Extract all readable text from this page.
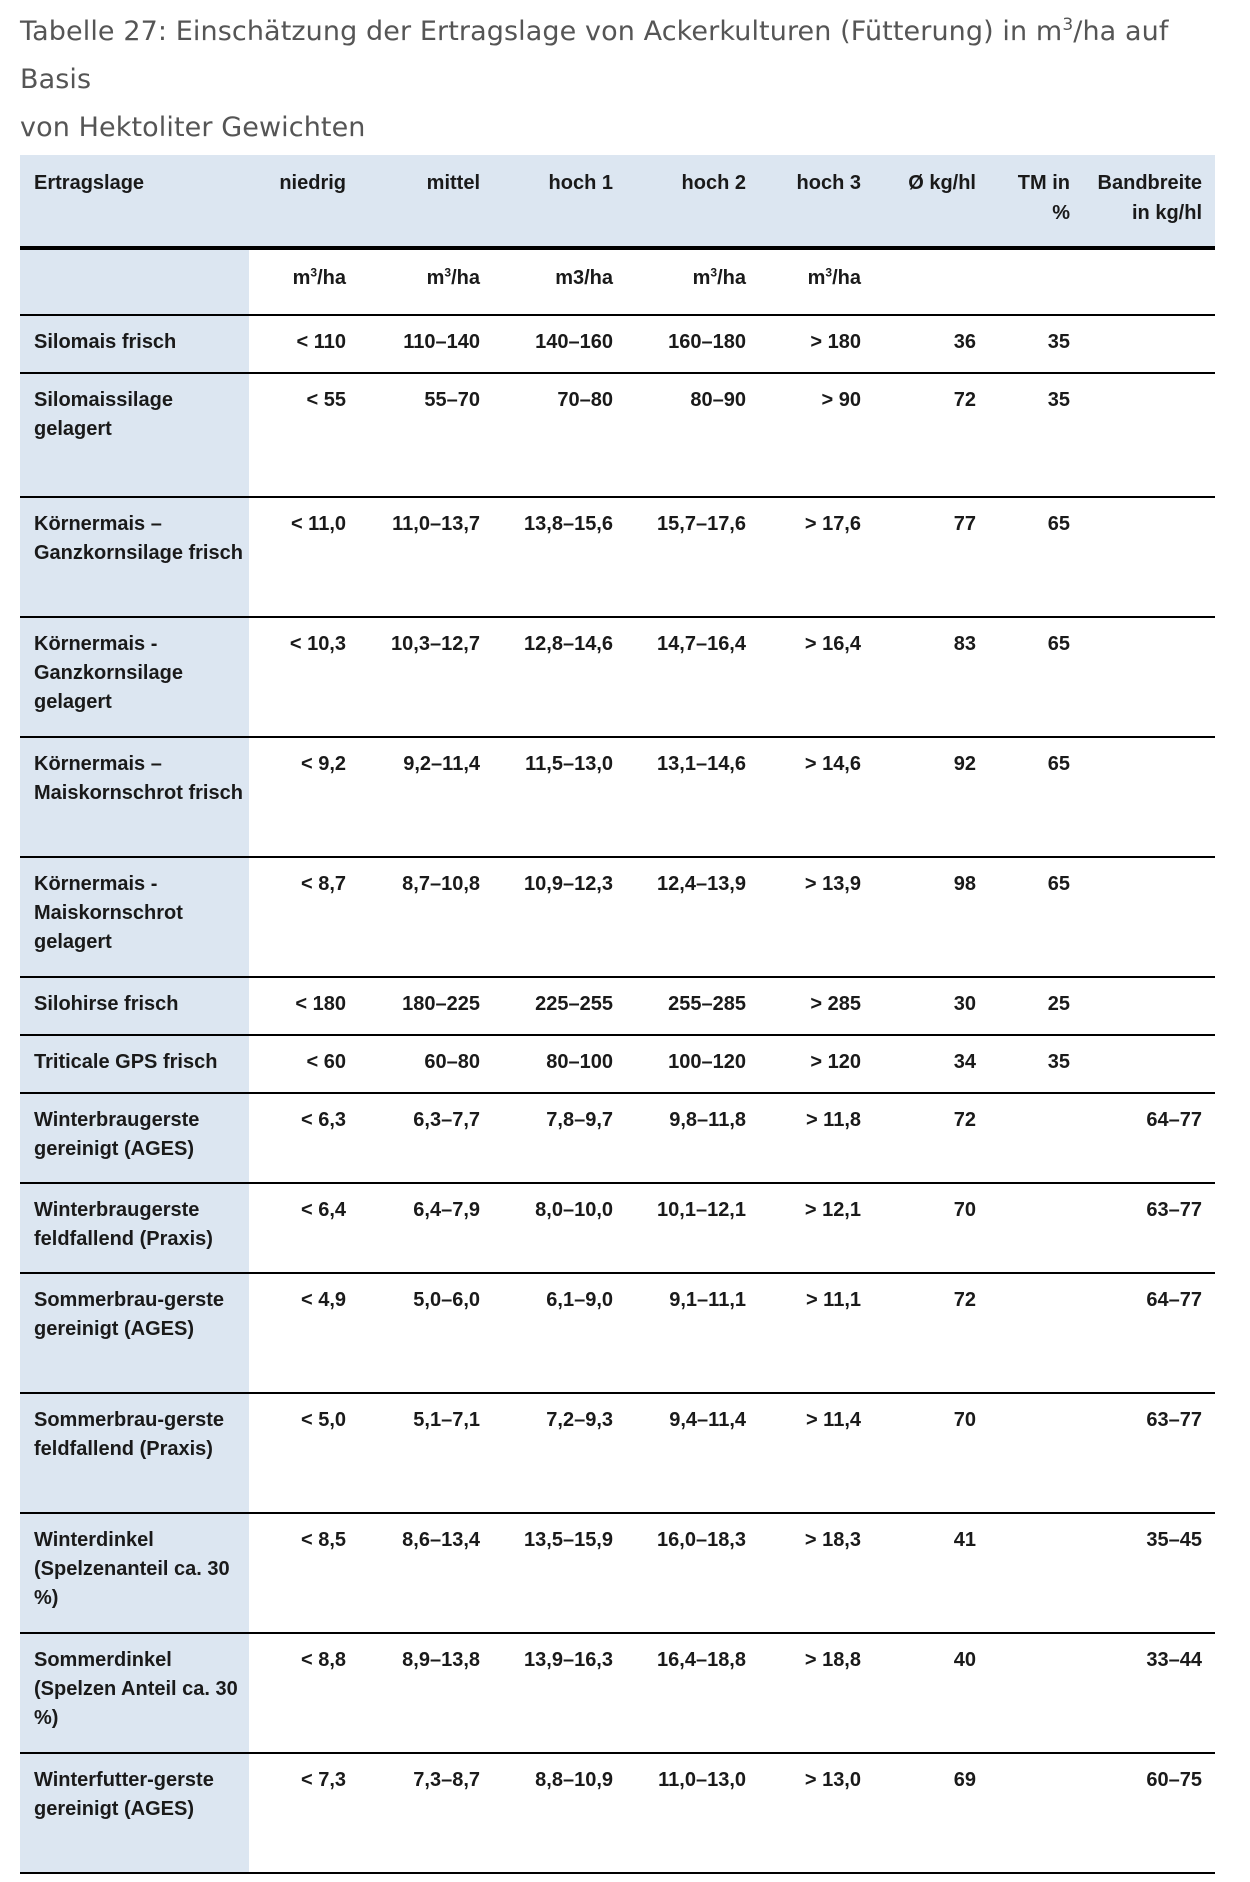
Tabelle 27: Einschätzung der Ertragslage von Ackerkulturen (Fütterung) in $m^3/ha$ auf Basis
von Hektoliter Gewichten
Ertragslage	niedrig	mittel	hoch 1	hoch 2	hoch 3	Ø kg/hl	TM in %	Bandbreite in kg/hl
	$m^3/ha$	$m^3/ha$	m3/ha	$m^3/ha$	$m^3/ha$			
Silomais frisch	< 110	110–140	140–160	160–180	> 180	36	35	
Silomaissilage gelagert	< 55	55–70	70–80	80–90	> 90	72	35	
Körnermais – Ganzkornsilage frisch	< 11,0	11,0–13,7	13,8–15,6	15,7–17,6	> 17,6	77	65	
Körnermais - Ganzkornsilage gelagert	< 10,3	10,3–12,7	12,8–14,6	14,7–16,4	> 16,4	83	65	
Körnermais – Maiskornschrot frisch	< 9,2	9,2–11,4	11,5–13,0	13,1–14,6	> 14,6	92	65	
Körnermais - Maiskornschrot gelagert	< 8,7	8,7–10,8	10,9–12,3	12,4–13,9	> 13,9	98	65	
Silohirse frisch	< 180	180–225	225–255	255–285	> 285	30	25	
Triticale GPS frisch	< 60	60–80	80–100	100–120	> 120	34	35	
Winterbraugerste gereinigt (AGES)	< 6,3	6,3–7,7	7,8–9,7	9,8–11,8	> 11,8	72		64–77
Winterbraugerste feldfallend (Praxis)	< 6,4	6,4–7,9	8,0–10,0	10,1–12,1	> 12,1	70		63–77
Sommerbrau-gerste gereinigt (AGES)	< 4,9	5,0–6,0	6,1–9,0	9,1–11,1	> 11,1	72		64–77
Sommerbrau-gerste feldfallend (Praxis)	< 5,0	5,1–7,1	7,2–9,3	9,4–11,4	> 11,4	70		63–77
Winterdinkel (Spelzenanteil ca. 30 %)	< 8,5	8,6–13,4	13,5–15,9	16,0–18,3	> 18,3	41		35–45
Sommerdinkel (Spelzen Anteil ca. 30 %)	< 8,8	8,9–13,8	13,9–16,3	16,4–18,8	> 18,8	40		33–44
Winterfutter-gerste gereinigt (AGES)	< 7,3	7,3–8,7	8,8–10,9	11,0–13,0	> 13,0	69		60–75
